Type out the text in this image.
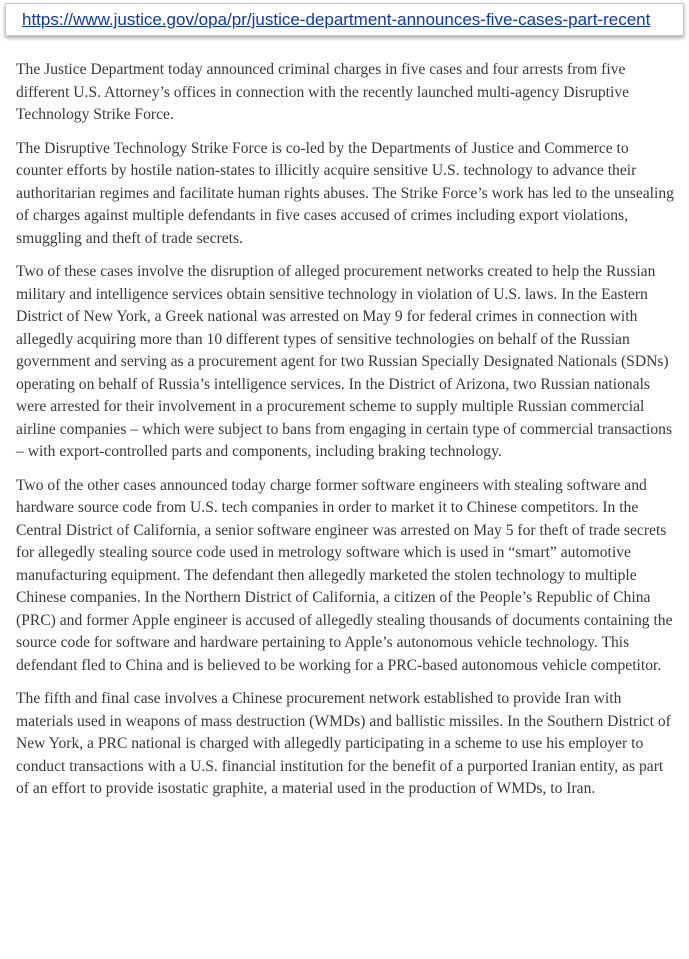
https://www.justice.gov/opa/pr/justice-department-announces-five-cases-part-recent

The Justice Department today announced criminal charges in five cases and four arrests from five different U.S. Attorney’s offices in connection with the recently launched multi-agency Disruptive Technology Strike Force.

The Disruptive Technology Strike Force is co-led by the Departments of Justice and Commerce to counter efforts by hostile nation-states to illicitly acquire sensitive U.S. technology to advance their authoritarian regimes and facilitate human rights abuses. The Strike Force’s work has led to the unsealing of charges against multiple defendants in five cases accused of crimes including export violations, smuggling and theft of trade secrets.

Two of these cases involve the disruption of alleged procurement networks created to help the Russian military and intelligence services obtain sensitive technology in violation of U.S. laws. In the Eastern District of New York, a Greek national was arrested on May 9 for federal crimes in connection with allegedly acquiring more than 10 different types of sensitive technologies on behalf of the Russian government and serving as a procurement agent for two Russian Specially Designated Nationals (SDNs) operating on behalf of Russia’s intelligence services. In the District of Arizona, two Russian nationals were arrested for their involvement in a procurement scheme to supply multiple Russian commercial airline companies – which were subject to bans from engaging in certain type of commercial transactions – with export-controlled parts and components, including braking technology.

Two of the other cases announced today charge former software engineers with stealing software and hardware source code from U.S. tech companies in order to market it to Chinese competitors. In the Central District of California, a senior software engineer was arrested on May 5 for theft of trade secrets for allegedly stealing source code used in metrology software which is used in “smart” automotive manufacturing equipment. The defendant then allegedly marketed the stolen technology to multiple Chinese companies. In the Northern District of California, a citizen of the People’s Republic of China (PRC) and former Apple engineer is accused of allegedly stealing thousands of documents containing the source code for software and hardware pertaining to Apple’s autonomous vehicle technology. This defendant fled to China and is believed to be working for a PRC-based autonomous vehicle competitor.

The fifth and final case involves a Chinese procurement network established to provide Iran with materials used in weapons of mass destruction (WMDs) and ballistic missiles. In the Southern District of New York, a PRC national is charged with allegedly participating in a scheme to use his employer to conduct transactions with a U.S. financial institution for the benefit of a purported Iranian entity, as part of an effort to provide isostatic graphite, a material used in the production of WMDs, to Iran.
